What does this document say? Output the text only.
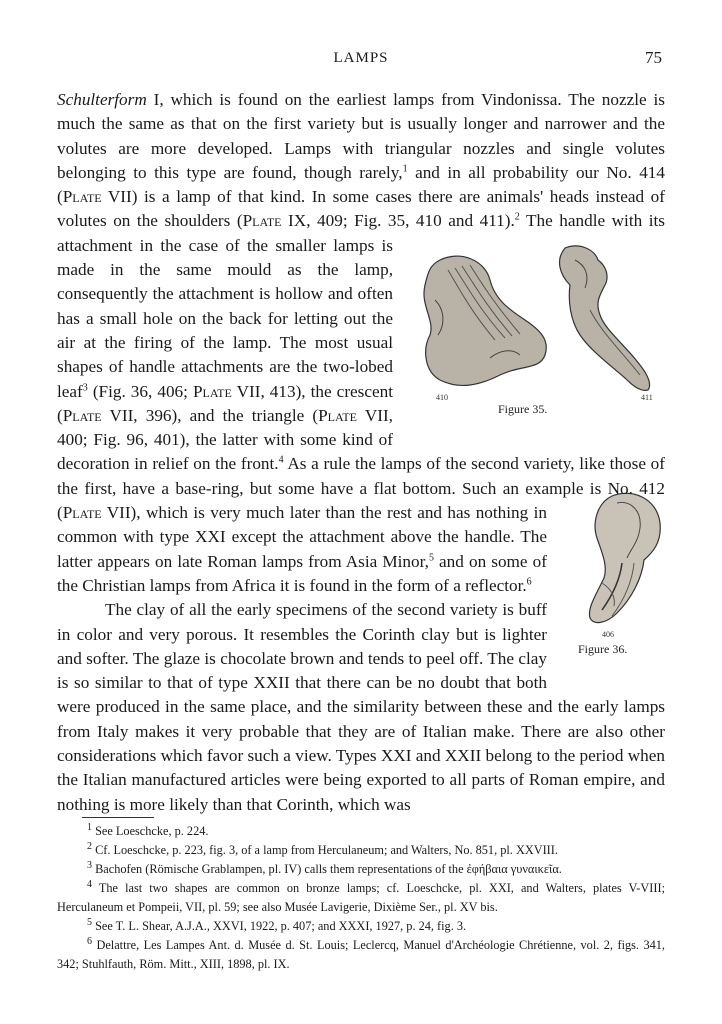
LAMPS	75
410	411
Figure 35.
406
Figure 36.

Schulterform I, which is found on the earliest lamps from Vindonissa. The nozzle is much the same as that on the first variety but is usually longer and narrower and the volutes are more developed. Lamps with triangular nozzles and single volutes belonging to this type are found, though rarely,$^1$ and in all probability our No. 414 (Plate VII) is a lamp of that kind. In some cases there are animals' heads instead of volutes on the shoulders (Plate IX, 409; Fig. 35, 410 and 411).$^2$
The handle with its attachment in the case of the smaller lamps is made in the same mould as the lamp, consequently the attachment is hollow and often has a small hole on the back for letting out the air at the firing of the lamp. The most usual shapes of handle attachments are the two-lobed leaf$^3$ (Fig. 36, 406; Plate VII, 413), the crescent (Plate VII, 396), and the triangle (Plate VII, 400; Fig. 96, 401), the latter with some kind of decoration in relief on the front.$^4$ As a rule the lamps of the second variety, like those of the first, have a base-ring, but some have a flat bottom. Such an example is No. 412 (Plate
VII), which is very much later than the rest and has nothing in common with type XXI except the attachment above the handle. The latter appears on late Roman lamps from Asia Minor,$^5$ and on some of the Christian lamps from Africa it is found in the form of a reflector.$^6$

The clay of all the early specimens of the second variety is buff in color and very porous. It resembles the Corinth clay but is lighter and softer. The glaze is chocolate brown and tends to peel off. The clay is so similar to that of type XXII that there can be no doubt that both were produced in the same place, and the similarity between these and the early lamps from Italy makes it very probable that they are of Italian make. There are also other considerations which favor such a view. Types XXI and XXII belong to the period when the Italian manufactured articles were being exported to all parts of Roman empire, and nothing is more likely than that Corinth, which was

$^1$ See Loeschcke, p. 224.

$^2$ Cf. Loeschcke, p. 223, fig. 3, of a lamp from Herculaneum; and Walters, No. 851, pl. XXVIII.

$^3$ Bachofen (Römische Grablampen, pl. IV) calls them representations of the ἐφήβαια γυναικεῖα.

$^4$ The last two shapes are common on bronze lamps; cf. Loeschcke, pl. XXI, and Walters, plates V-VIII; Herculaneum et Pompeii, VII, pl. 59; see also Musée Lavigerie, Dixième Ser., pl. XV bis.

$^5$ See T. L. Shear, A.J.A., XXVI, 1922, p. 407; and XXXI, 1927, p. 24, fig. 3.

$^6$ Delattre, Les Lampes Ant. d. Musée d. St. Louis; Leclercq, Manuel d'Archéologie Chrétienne, vol. 2, figs. 341, 342; Stuhlfauth, Röm. Mitt., XIII, 1898, pl. IX.
